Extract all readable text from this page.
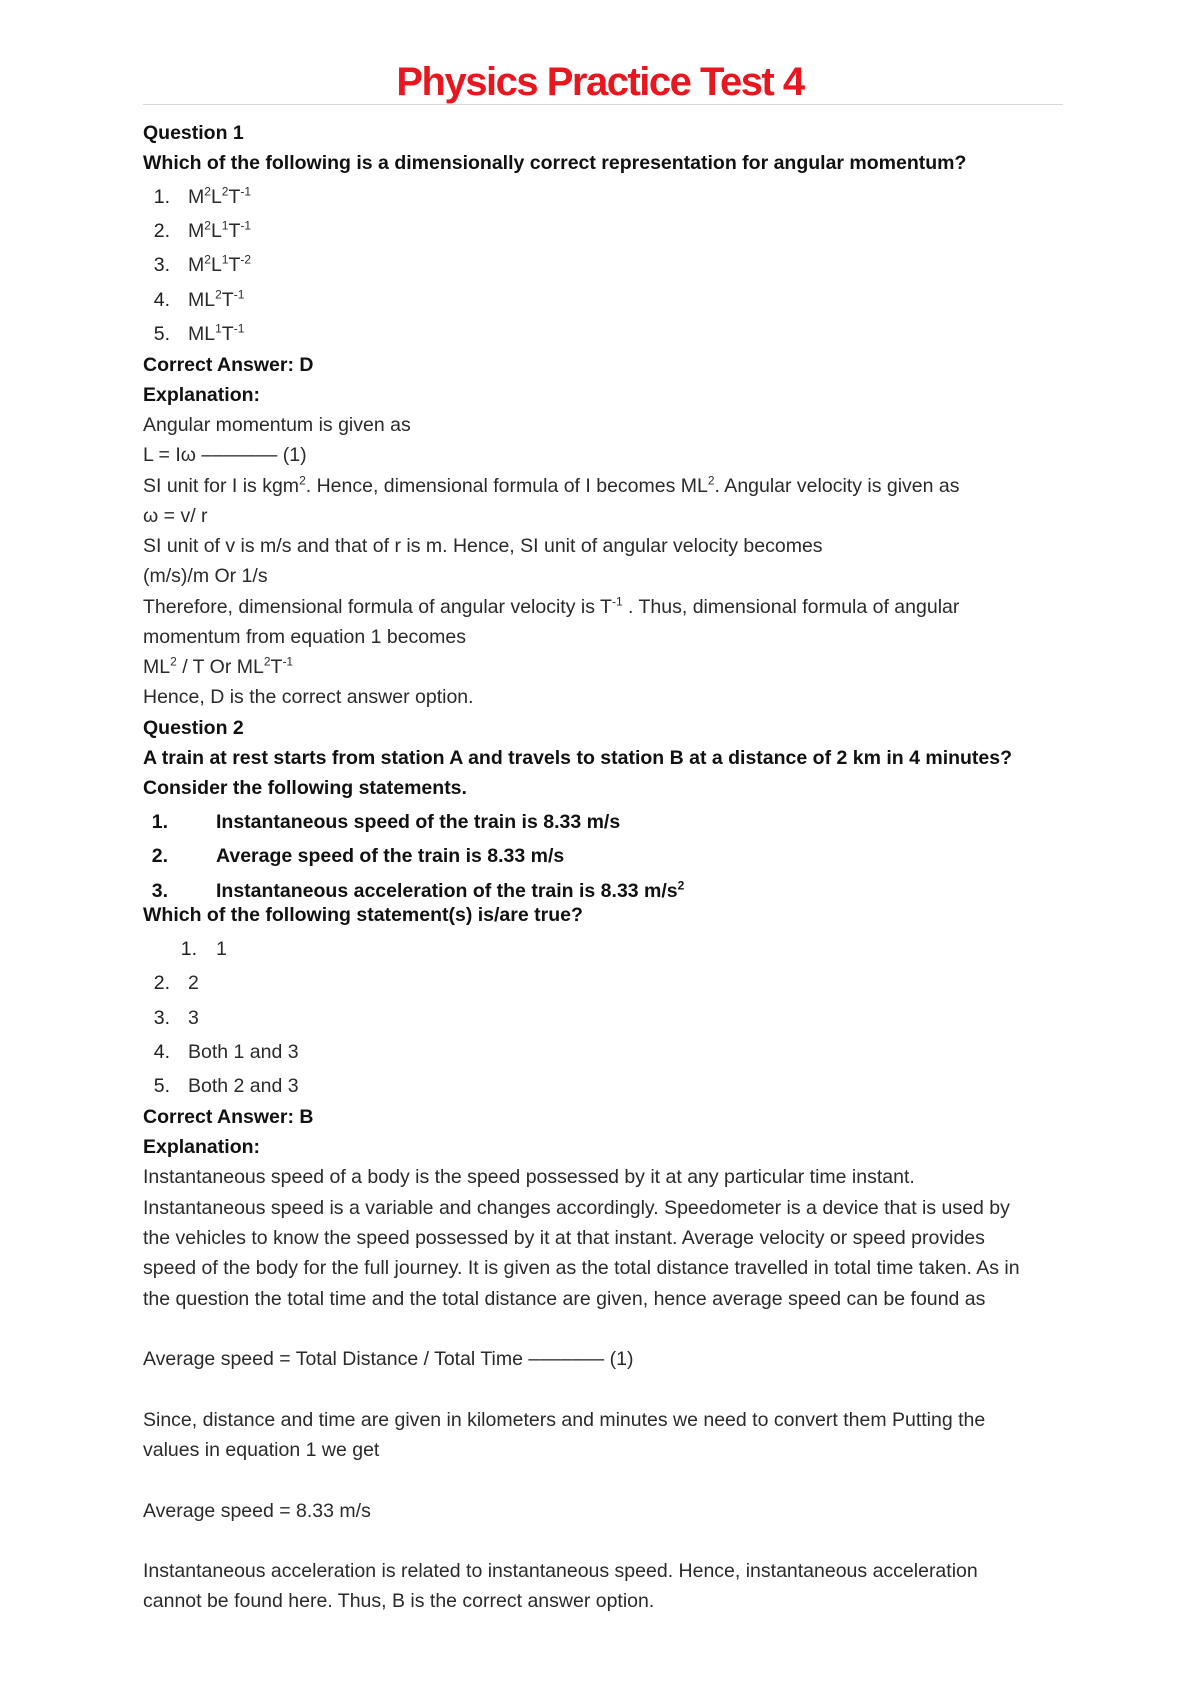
Physics Practice Test 4
Question 1
Which of the following is a dimensionally correct representation for angular momentum?
1. $M^2L^2T^{-1}$
2. $M^2L^1T^{-1}$
3. $M^2L^1T^{-2}$
4. $ML^2T^{-1}$
5. $ML^1T^{-1}$
Correct Answer: D
Explanation:
Angular momentum is given as
L = Iω ––––––– (1)
SI unit for I is kgm$^2$. Hence, dimensional formula of I becomes $ML^2$. Angular velocity is given as
ω = v/ r
SI unit of v is m/s and that of r is m. Hence, SI unit of angular velocity becomes
(m/s)/m Or 1/s
Therefore, dimensional formula of angular velocity is $T^{-1}$ . Thus, dimensional formula of angular
momentum from equation 1 becomes
$ML^2$ / T Or $ML^2T^{-1}$
Hence, D is the correct answer option.
Question 2
A train at rest starts from station A and travels to station B at a distance of 2 km in 4 minutes?
Consider the following statements.
1. Instantaneous speed of the train is 8.33 m/s
2. Average speed of the train is 8.33 m/s
3. Instantaneous acceleration of the train is 8.33 $m/s^2$
Which of the following statement(s) is/are true?
1. 1
2. 2
3. 3
4. Both 1 and 3
5. Both 2 and 3
Correct Answer: B
Explanation:
Instantaneous speed of a body is the speed possessed by it at any particular time instant.
Instantaneous speed is a variable and changes accordingly. Speedometer is a device that is used by
the vehicles to know the speed possessed by it at that instant. Average velocity or speed provides
speed of the body for the full journey. It is given as the total distance travelled in total time taken. As in
the question the total time and the total distance are given, hence average speed can be found as
Average speed = Total Distance / Total Time ––––––– (1)
Since, distance and time are given in kilometers and minutes we need to convert them Putting the
values in equation 1 we get
Average speed = 8.33 m/s
Instantaneous acceleration is related to instantaneous speed. Hence, instantaneous acceleration
cannot be found here. Thus, B is the correct answer option.
